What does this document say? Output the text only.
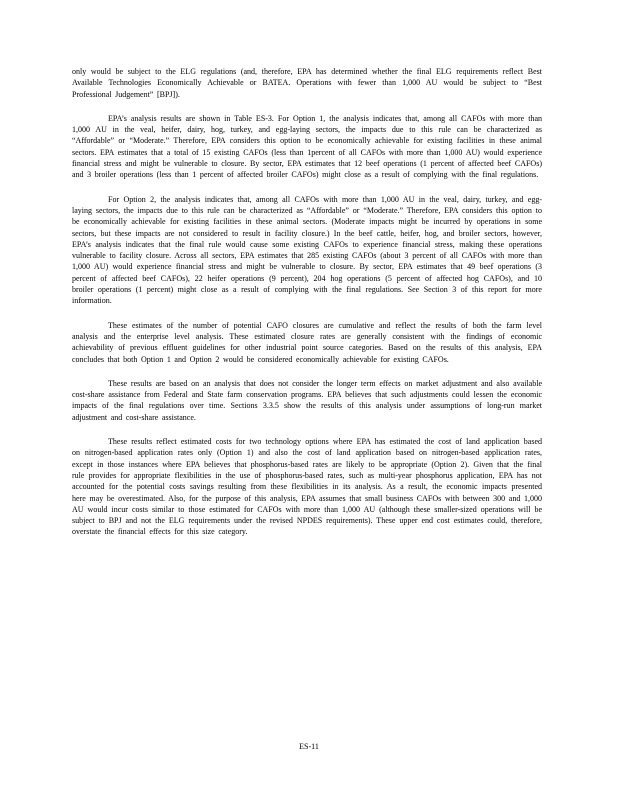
only would be subject to the ELG regulations (and, therefore, EPA has determined whether the final ELG requirements reflect Best Available Technologies Economically Achievable or BATEA. Operations with fewer than 1,000 AU would be subject to “Best Professional Judgement” [BPJ]).

EPA’s analysis results are shown in Table ES-3. For Option 1, the analysis indicates that, among all CAFOs with more than 1,000 AU in the veal, heifer, dairy, hog, turkey, and egg-laying sectors, the impacts due to this rule can be characterized as “Affordable” or “Moderate.” Therefore, EPA considers this option to be economically achievable for existing facilities in these animal sectors. EPA estimates that a total of 15 existing CAFOs (less than 1percent of all CAFOs with more than 1,000 AU) would experience financial stress and might be vulnerable to closure. By sector, EPA estimates that 12 beef operations (1 percent of affected beef CAFOs) and 3 broiler operations (less than 1 percent of affected broiler CAFOs) might close as a result of complying with the final regulations.

For Option 2, the analysis indicates that, among all CAFOs with more than 1,000 AU in the veal, dairy, turkey, and egg-laying sectors, the impacts due to this rule can be characterized as “Affordable” or “Moderate.” Therefore, EPA considers this option to be economically achievable for existing facilities in these animal sectors. (Moderate impacts might be incurred by operations in some sectors, but these impacts are not considered to result in facility closure.) In the beef cattle, heifer, hog, and broiler sectors, however, EPA’s analysis indicates that the final rule would cause some existing CAFOs to experience financial stress, making these operations vulnerable to facility closure. Across all sectors, EPA estimates that 285 existing CAFOs (about 3 percent of all CAFOs with more than 1,000 AU) would experience financial stress and might be vulnerable to closure. By sector, EPA estimates that 49 beef operations (3 percent of affected beef CAFOs), 22 heifer operations (9 percent), 204 hog operations (5 percent of affected hog CAFOs), and 10 broiler operations (1 percent) might close as a result of complying with the final regulations. See Section 3 of this report for more information.

These estimates of the number of potential CAFO closures are cumulative and reflect the results of both the farm level analysis and the enterprise level analysis. These estimated closure rates are generally consistent with the findings of economic achievability of previous effluent guidelines for other industrial point source categories. Based on the results of this analysis, EPA concludes that both Option 1 and Option 2 would be considered economically achievable for existing CAFOs.

These results are based on an analysis that does not consider the longer term effects on market adjustment and also available cost-share assistance from Federal and State farm conservation programs. EPA believes that such adjustments could lessen the economic impacts of the final regulations over time. Sections 3.3.5 show the results of this analysis under assumptions of long-run market adjustment and cost-share assistance.

These results reflect estimated costs for two technology options where EPA has estimated the cost of land application based on nitrogen-based application rates only (Option 1) and also the cost of land application based on nitrogen-based application rates, except in those instances where EPA believes that phosphorus-based rates are likely to be appropriate (Option 2). Given that the final rule provides for appropriate flexibilities in the use of phosphorus-based rates, such as multi-year phosphorus application, EPA has not accounted for the potential costs savings resulting from these flexibilities in its analysis. As a result, the economic impacts presented here may be overestimated. Also, for the purpose of this analysis, EPA assumes that small business CAFOs with between 300 and 1,000 AU would incur costs similar to those estimated for CAFOs with more than 1,000 AU (although these smaller-sized operations will be subject to BPJ and not the ELG requirements under the revised NPDES requirements). These upper end cost estimates could, therefore, overstate the financial effects for this size category.

ES-11
